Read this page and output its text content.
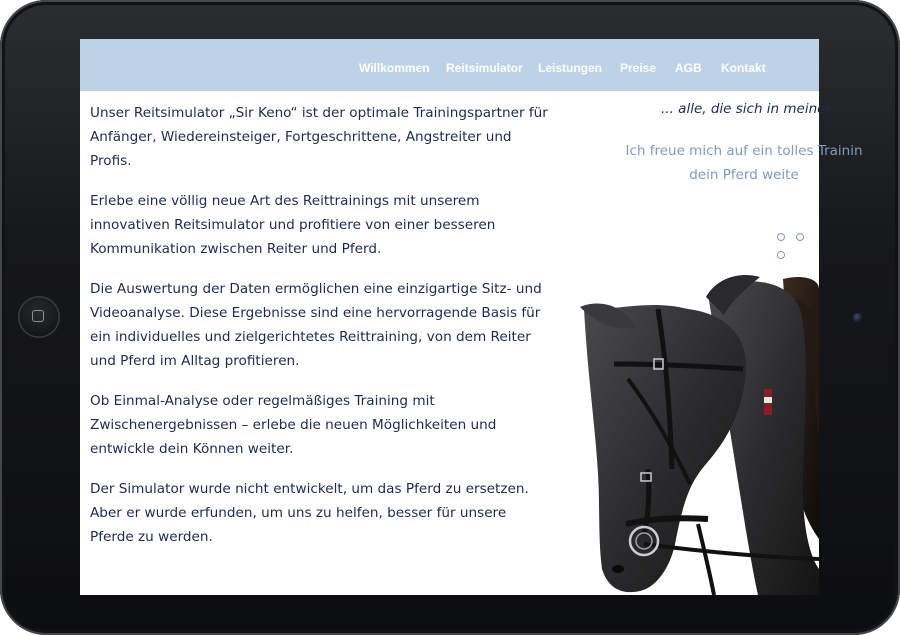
Willkommen Reitsimulator Leistungen Preise AGB Kontakt

Unser Reitsimulator „Sir Keno“ ist der optimale Trainingspartner für Anfänger, Wiedereinsteiger, Fortgeschrittene, Angstreiter und Profis.

Erlebe eine völlig neue Art des Reittrainings mit unserem innovativen Reitsimulator und profitiere von einer besseren Kommunikation zwischen Reiter und Pferd.

Die Auswertung der Daten ermöglichen eine einzigartige Sitz- und Videoanalyse. Diese Ergebnisse sind eine hervorragende Basis für ein individuelles und zielgerichtetes Reittraining, von dem Reiter und Pferd im Alltag profitieren.

Ob Einmal-Analyse oder regelmäßiges Training mit Zwischenergebnissen – erlebe die neuen Möglichkeiten und entwickle dein Können weiter.

Der Simulator wurde nicht entwickelt, um das Pferd zu ersetzen. Aber er wurde erfunden, um uns zu helfen, besser für unsere Pferde zu werden.

... alle, die sich in meiner
Ich freue mich auf ein tolles Trainin
dein Pferd weite
